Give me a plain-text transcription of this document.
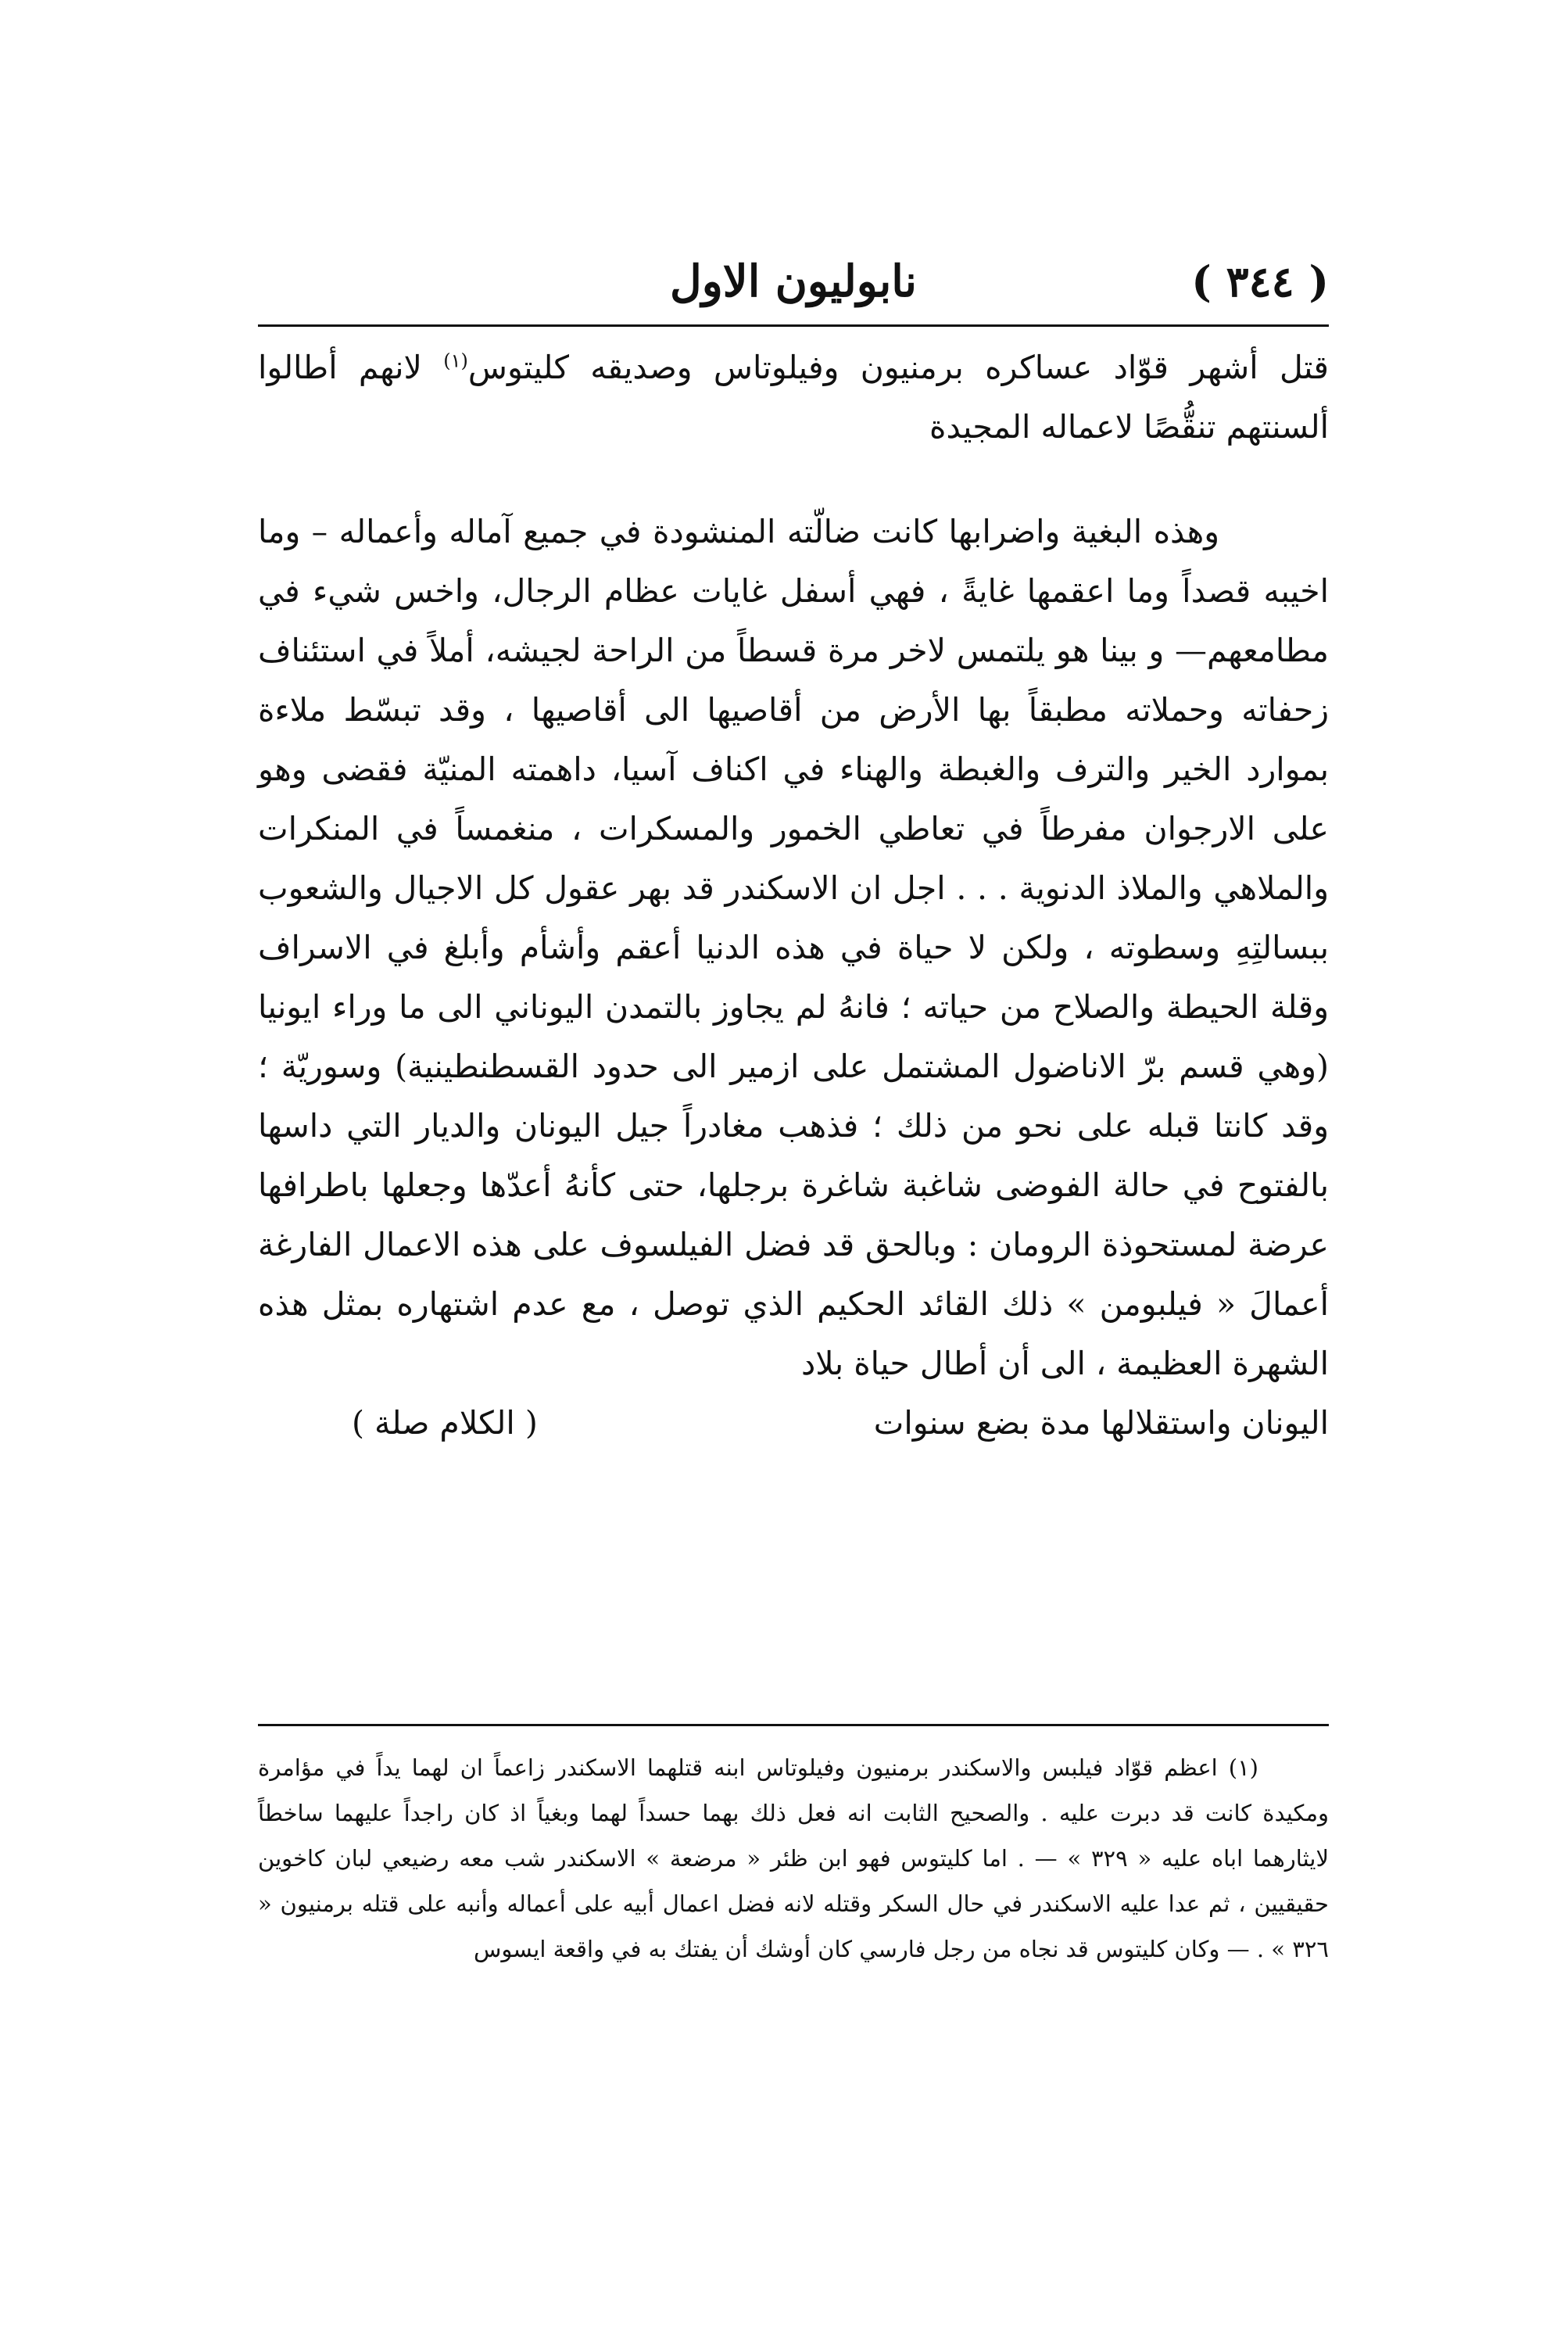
( ٣٤٤ )
نابوليون الاول

قتل أشهر قوّاد عساكره برمنيون وفيلوتاس وصديقه كليتوس$^{(١)}$ لانهم أطالوا ألسنتهم تنقُّصًا لاعماله المجيدة

وهذه البغية واضرابها كانت ضالّته المنشودة في جميع آماله وأعماله – وما اخيبه قصداً وما اعقمها غايةً ، فهي أسفل غايات عظام الرجال، واخس شيء في مطامعهم— و بينا هو يلتمس لاخر مرة قسطاً من الراحة لجيشه، أملاً في استئناف زحفاته وحملاته مطبقاً بها الأرض من أقاصيها الى أقاصيها ، وقد تبسّط ملاءة بموارد الخير والترف والغبطة والهناء في اكناف آسيا، داهمته المنيّة فقضى وهو على الارجوان مفرطاً في تعاطي الخمور والمسكرات ، منغمساً في المنكرات والملاهي والملاذ الدنوية . . . اجل ان الاسكندر قد بهر عقول كل الاجيال والشعوب ببسالتِهِ وسطوته ، ولكن لا حياة في هذه الدنيا أعقم وأشأم وأبلغ في الاسراف وقلة الحيطة والصلاح من حياته ؛ فانهُ لم يجاوز بالتمدن اليوناني الى ما وراء ايونيا (وهي قسم برّ الاناضول المشتمل على ازمير الى حدود القسطنطينية) وسوريّة ؛ وقد كانتا قبله على نحو من ذلك ؛ فذهب مغادراً جيل اليونان والديار التي داسها بالفتوح في حالة الفوضى شاغبة شاغرة برجلها، حتى كأنهُ أعدّها وجعلها باطرافها عرضة لمستحوذة الرومان : وبالحق قد فضل الفيلسوف على هذه الاعمال الفارغة أعمالَ « فيلبومن » ذلك القائد الحكيم الذي توصل ، مع عدم اشتهاره بمثل هذه الشهرة العظيمة ، الى أن أطال حياة بلاد

اليونان واستقلالها مدة بضع سنوات
( الكلام صلة )

(١) اعظم قوّاد فيلبس والاسكندر برمنيون وفيلوتاس ابنه قتلهما الاسكندر زاعماً ان لهما يداً في مؤامرة ومكيدة كانت قد دبرت عليه . والصحيح الثابت انه فعل ذلك بهما حسداً لهما وبغياً اذ كان راجداً عليهما ساخطاً لايثارهما اباه عليه « ٣٢٩ » — . اما كليتوس فهو ابن ظئر « مرضعة » الاسكندر شب معه رضيعي لبان كاخوين حقيقيين ، ثم عدا عليه الاسكندر في حال السكر وقتله لانه فضل اعمال أبيه على أعماله وأنبه على قتله برمنيون « ٣٢٦ » . — وكان كليتوس قد نجاه من رجل فارسي كان أوشك أن يفتك به في واقعة ايسوس
